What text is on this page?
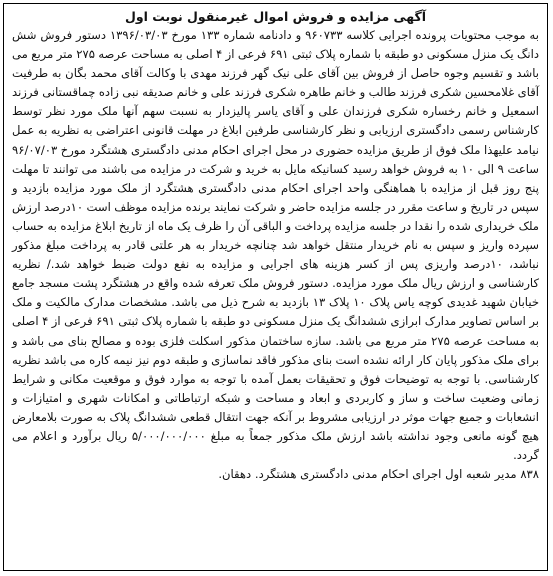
آگهی مزایده و فروش اموال غیرمنقول نوبت اول

به موجب محتویات پرونده اجرایی کلاسه ۹۶۰۷۳۳ و دادنامه شماره ۱۳۳ مورخ ۱۳۹۶/۰۳/۰۳ دستور فروش شش دانگ یک منزل مسکونی دو طبقه با شماره پلاک ثبتی ۶۹۱ فرعی از ۴ اصلی به مساحت عرصه ۲۷۵ متر مربع می باشد و تقسیم وجوه حاصل از فروش بین آقای علی نیک گهر فرزند مهدی با وکالت آقای محمد بگان به طرفیت آقای غلامحسین شکری فرزند طالب و خانم طاهره شکری فرزند علی و خانم صدیقه نبی زاده چماقستانی فرزند اسمعیل و خانم رخساره شکری فرزندان علی و آقای یاسر پالیزدار به نسبت سهم آنها ملک مورد نظر توسط کارشناس رسمی دادگستری ارزیابی و نظر کارشناسی طرفین ابلاغ در مهلت قانونی اعتراضی به نظریه به عمل نیامد علیهذا ملک فوق از طریق مزایده حضوری در محل اجرای احکام مدنی دادگستری هشتگرد مورخ ۹۶/۰۷/۰۳ ساعت ۹ الی ۱۰ به فروش خواهد رسید کسانیکه مایل به خرید و شرکت در مزایده می باشند می توانند تا مهلت پنج روز قبل از مزایده با هماهنگی واحد اجرای احکام مدنی دادگستری هشتگرد از ملک مورد مزایده بازدید و سپس در تاریخ و ساعت مقرر در جلسه مزایده حاضر و شرکت نمایند برنده مزایده موظف است ۱۰درصد ارزش ملک خریداری شده را نقدا در جلسه مزایده پرداخت و الباقی آن را ظرف یک ماه از تاریخ ابلاغ مزایده به حساب سپرده واریز و سپس به نام خریدار منتقل خواهد شد چنانچه خریدار به هر علتی قادر به پرداخت مبلغ مذکور نباشد، ۱۰درصد واریزی پس از کسر هزینه های اجرایی و مزایده به نفع دولت ضبط خواهد شد./ نظریه کارشناسی و ارزش ریال ملک مورد مزایده. دستور فروش ملک تعرفه شده واقع در هشتگرد پشت مسجد جامع خیابان شهید غدیدی کوچه یاس پلاک ۱۰ پلاک ۱۳ بازدید به شرح ذیل می باشد. مشخصات مدارک مالکیت و ملک بر اساس تصاویر مدارک ابرازی ششدانگ یک منزل مسکونی دو طبقه با شماره پلاک ثبتی ۶۹۱ فرعی از ۴ اصلی به مساحت عرصه ۲۷۵ متر مربع می باشد. سازه ساختمان مذکور اسکلت فلزی بوده و مصالح بنای می باشد و برای ملک مذکور پایان کار ارائه نشده است بنای مذکور فاقد نماسازی و طبقه دوم نیز نیمه کاره می باشد نظریه کارشناسی. با توجه به توضیحات فوق و تحقیقات بعمل آمده با توجه به موارد فوق و موقعیت مکانی و شرایط زمانی وضعیت ساخت و ساز و کاربردی و ابعاد و مساحت و شبکه ارتباطاتی و امکانات شهری و امتیازات و انشعابات و جمیع جهات موثر در ارزیابی مشروط بر آنکه جهت انتقال قطعی ششدانگ پلاک به صورت بلامعارض هیچ گونه مانعی وجود نداشته باشد ارزش ملک مذکور جمعاً به مبلغ ۵/۰۰۰/۰۰۰/۰۰۰ ریال برآورد و اعلام می گردد.

۸۳۸ مدیر شعبه اول اجرای احکام مدنی دادگستری هشتگرد. دهقان.
